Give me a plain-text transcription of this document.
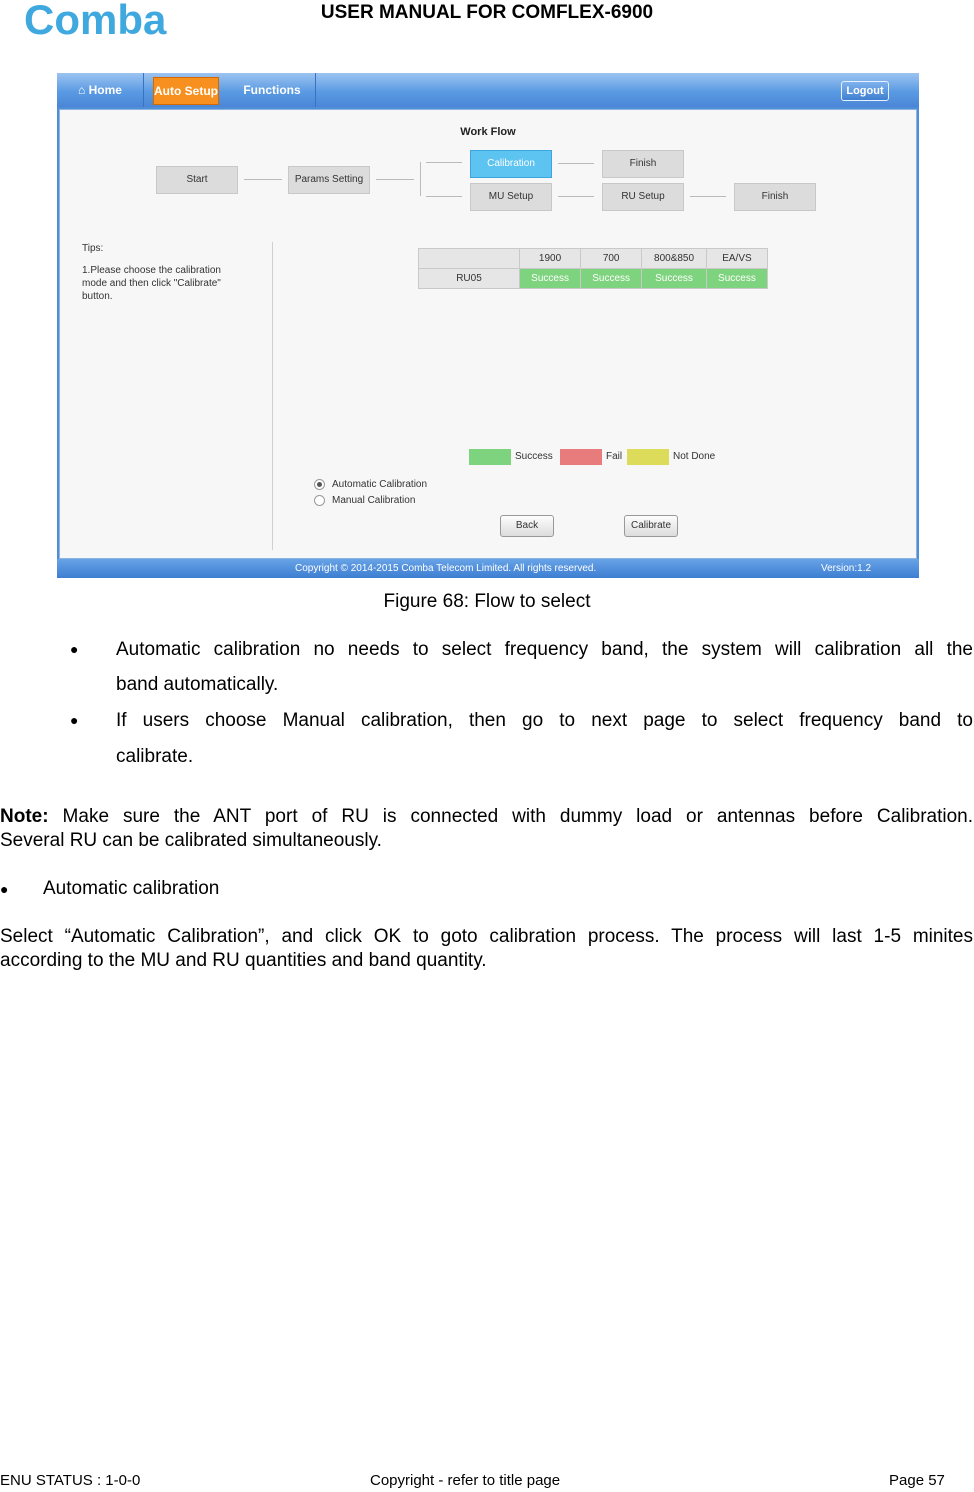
Comba	USER MANUAL FOR COMFLEX-6900
⌂ Home	Auto Setup	Functions	Logout
Work Flow
Start	Params Setting
Calibration	Finish
MU Setup	RU Setup	Finish
Tips:
1.Please choose the calibration
mode and then click "Calibrate"
button.
	1900	700	800&850	EA/VS
RU05	Success	Success	Success	Success
Success	Fail	Not Done
Automatic Calibration
Manual Calibration
Back	Calibrate
Copyright © 2014-2015 Comba Telecom Limited. All rights reserved.	Version:1.2
Figure 68: Flow to select
● Automatic calibration no needs to select frequency band, the system will calibration all the
band automatically.
● If users choose Manual calibration, then go to next page to select frequency band to
calibrate.
Note: Make sure the ANT port of RU is connected with dummy load or antennas before Calibration.
Several RU can be calibrated simultaneously.
● Automatic calibration
Select “Automatic Calibration”, and click OK to goto calibration process. The process will last 1-5 minites
according to the MU and RU quantities and band quantity.
ENU STATUS : 1-0-0	Copyright - refer to title page	Page 57
